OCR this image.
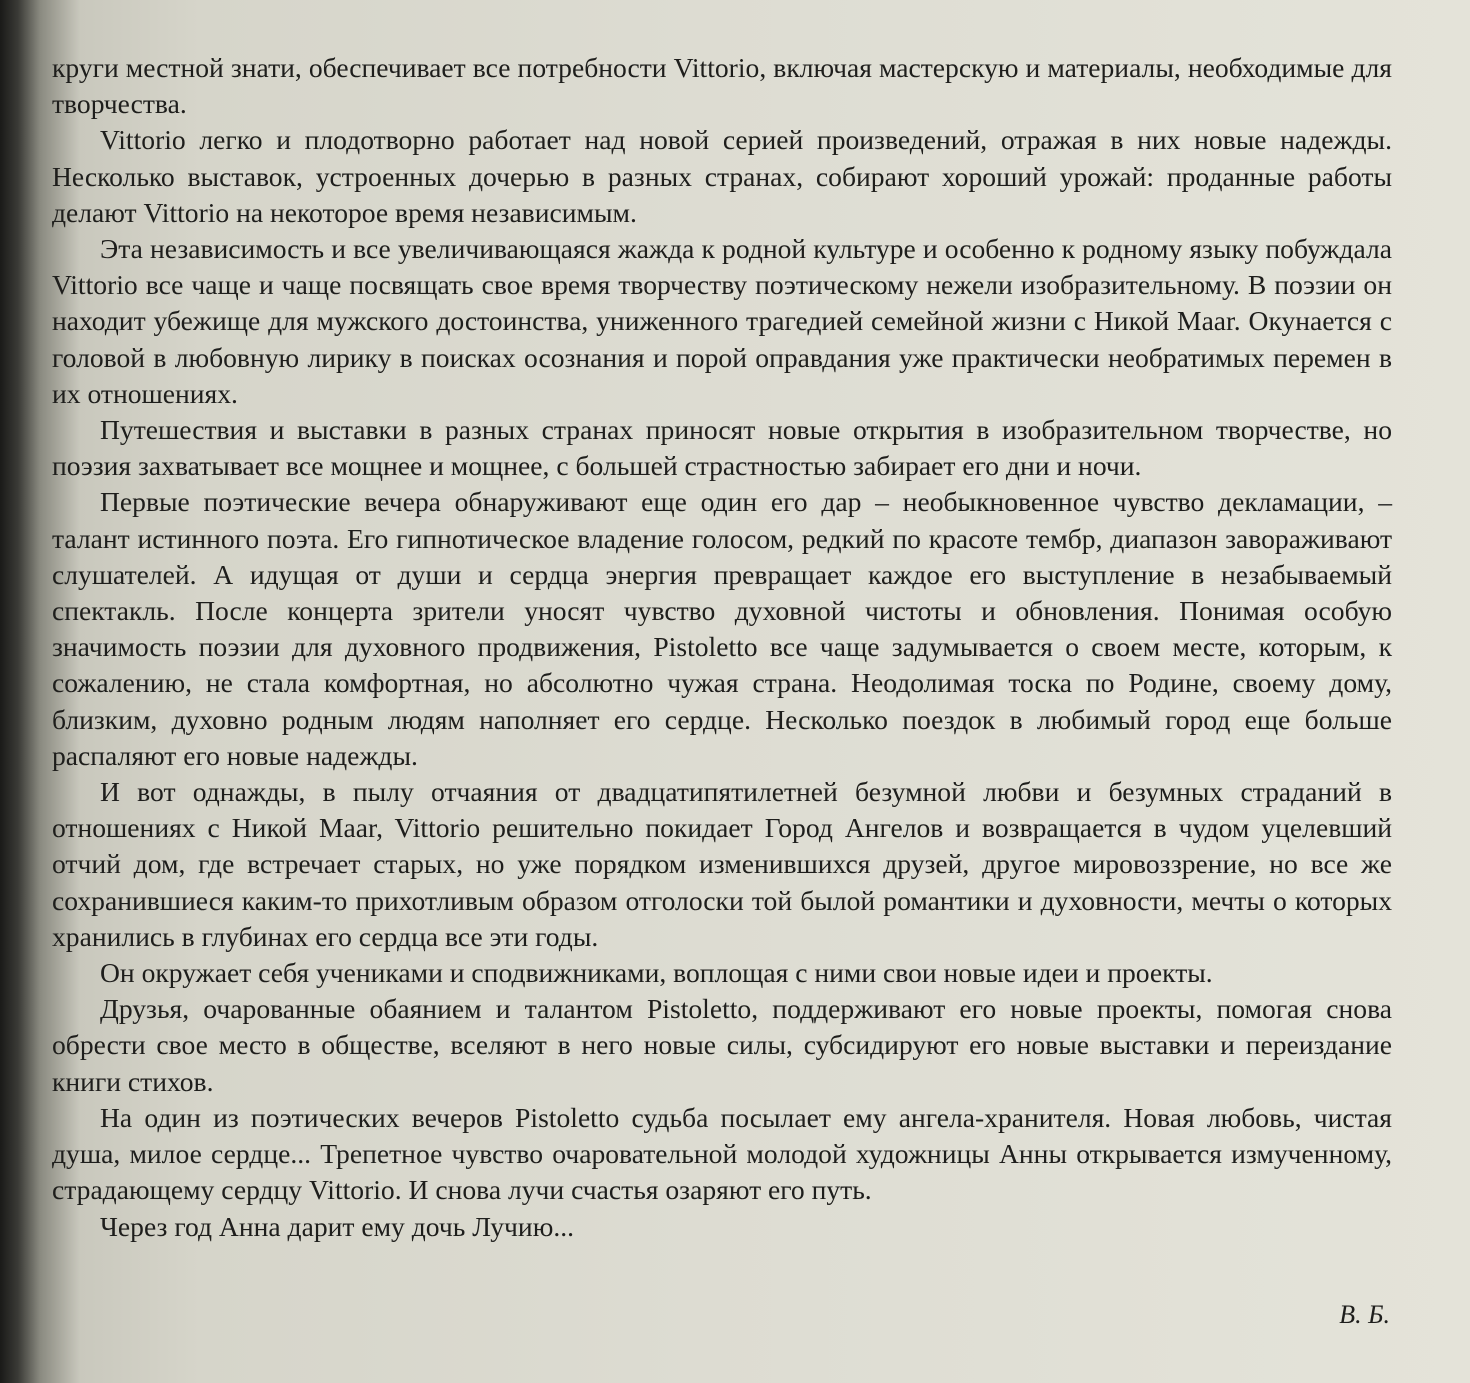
круги местной знати, обеспечивает все потребности Vittorio, включая мастерскую и материалы, необходимые для творчества.

Vittorio легко и плодотворно работает над новой серией произведений, отражая в них новые надежды. Несколько выставок, устроенных дочерью в разных странах, собирают хороший урожай: проданные работы делают Vittorio на некоторое время независимым.

Эта независимость и все увеличивающаяся жажда к родной культуре и особенно к родному языку побуждала Vittorio все чаще и чаще посвящать свое время творчеству поэтическому нежели изобразительному. В поэзии он находит убежище для мужского достоинства, униженного трагедией семейной жизни с Никой Маar. Окунается с головой в любовную лирику в поисках осознания и порой оправдания уже практически необратимых перемен в их отношениях.

Путешествия и выставки в разных странах приносят новые открытия в изобразительном творчестве, но поэзия захватывает все мощнее и мощнее, с большей страстностью забирает его дни и ночи.

Первые поэтические вечера обнаруживают еще один его дар – необыкновенное чувство декламации, – талант истинного поэта. Его гипнотическое владение голосом, редкий по красоте тембр, диапазон завораживают слушателей. А идущая от души и сердца энергия превращает каждое его выступление в незабываемый спектакль. После концерта зрители уносят чувство духовной чистоты и обновления. Понимая особую значимость поэзии для духовного продвижения, Pistoletto все чаще задумывается о своем месте, которым, к сожалению, не стала комфортная, но абсолютно чужая страна. Неодолимая тоска по Родине, своему дому, близким, духовно родным людям наполняет его сердце. Несколько поездок в любимый город еще больше распаляют его новые надежды.

И вот однажды, в пылу отчаяния от двадцатипятилетней безумной любви и безумных страданий в отношениях с Никой Маar, Vittorio решительно покидает Город Ангелов и возвращается в чудом уцелевший отчий дом, где встречает старых, но уже порядком изменившихся друзей, другое мировоззрение, но все же сохранившиеся каким-то прихотливым образом отголоски той былой романтики и духовности, мечты о которых хранились в глубинах его сердца все эти годы.

Он окружает себя учениками и сподвижниками, воплощая с ними свои новые идеи и проекты.

Друзья, очарованные обаянием и талантом Pistoletto, поддерживают его новые проекты, помогая снова обрести свое место в обществе, вселяют в него новые силы, субсидируют его новые выставки и переиздание книги стихов.

На один из поэтических вечеров Pistoletto судьба посылает ему ангела-хранителя. Новая любовь, чистая душа, милое сердце... Трепетное чувство очаровательной молодой художницы Анны открывается измученному, страдающему сердцу Vittorio. И снова лучи счастья озаряют его путь.

Через год Анна дарит ему дочь Лучию...

В. Б.
